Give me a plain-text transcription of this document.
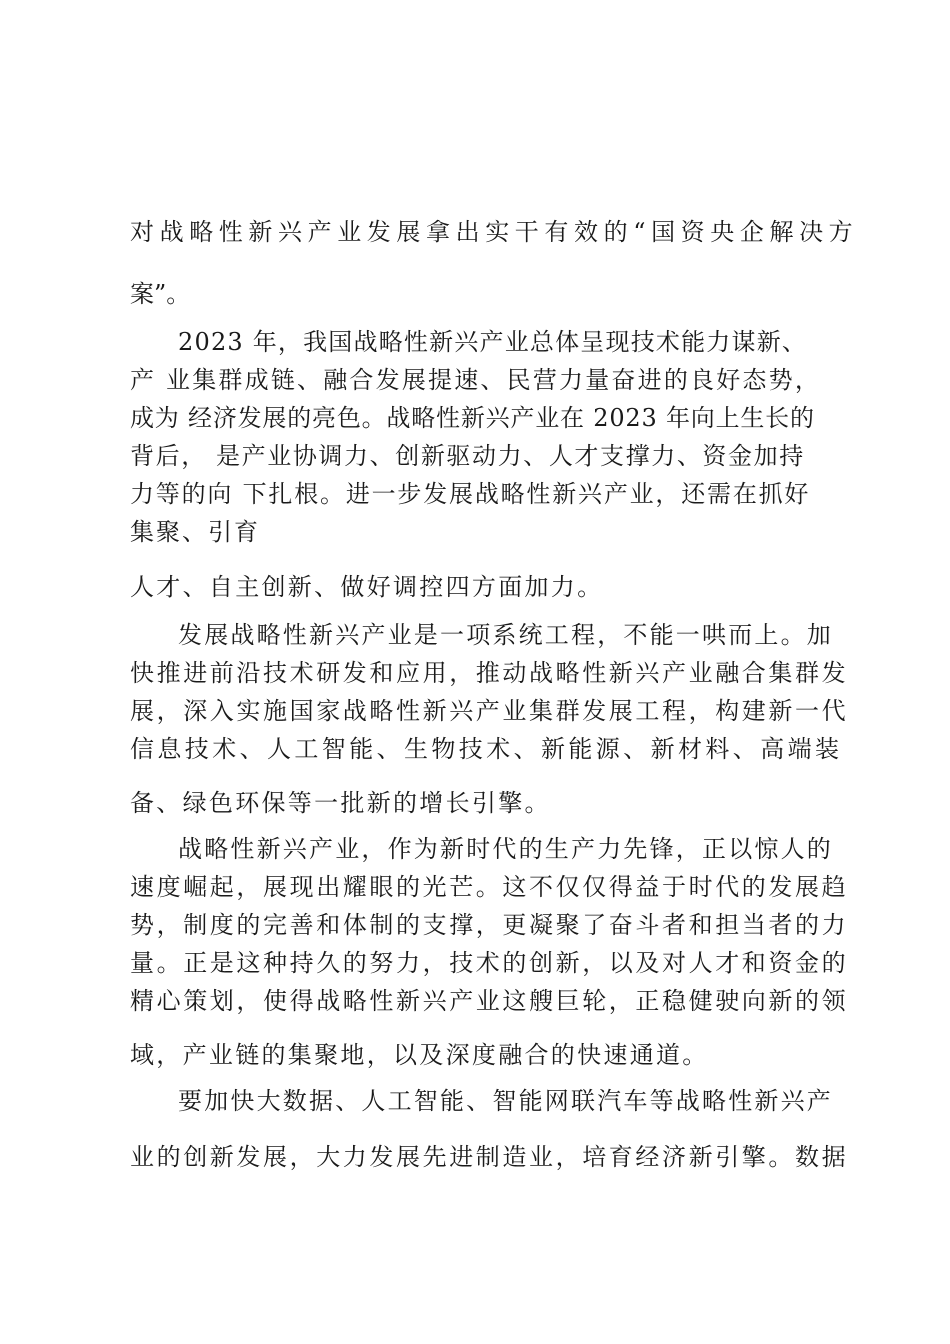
对战略性新兴产业发展拿出实干有效的“国资央企解决方

案”。

2023 年，我国战略性新兴产业总体呈现技术能力谋新、

产 业集群成链、融合发展提速、民营力量奋进的良好态势，

成为 经济发展的亮色。战略性新兴产业在 2023 年向上生长的

背后， 是产业协调力、创新驱动力、人才支撑力、资金加持

力等的向 下扎根。进一步发展战略性新兴产业，还需在抓好

集聚、引育

人才、自主创新、做好调控四方面加力。

发展战略性新兴产业是一项系统工程，不能一哄而上。加

快推进前沿技术研发和应用，推动战略性新兴产业融合集群发

展，深入实施国家战略性新兴产业集群发展工程，构建新一代

信息技术、人工智能、生物技术、新能源、新材料、高端装

备、绿色环保等一批新的增长引擎。

战略性新兴产业，作为新时代的生产力先锋，正以惊人的

速度崛起，展现出耀眼的光芒。这不仅仅得益于时代的发展趋

势，制度的完善和体制的支撑，更凝聚了奋斗者和担当者的力

量。正是这种持久的努力，技术的创新，以及对人才和资金的

精心策划，使得战略性新兴产业这艘巨轮，正稳健驶向新的领

域，产业链的集聚地，以及深度融合的快速通道。

要加快大数据、人工智能、智能网联汽车等战略性新兴产

业的创新发展，大力发展先进制造业，培育经济新引擎。数据
